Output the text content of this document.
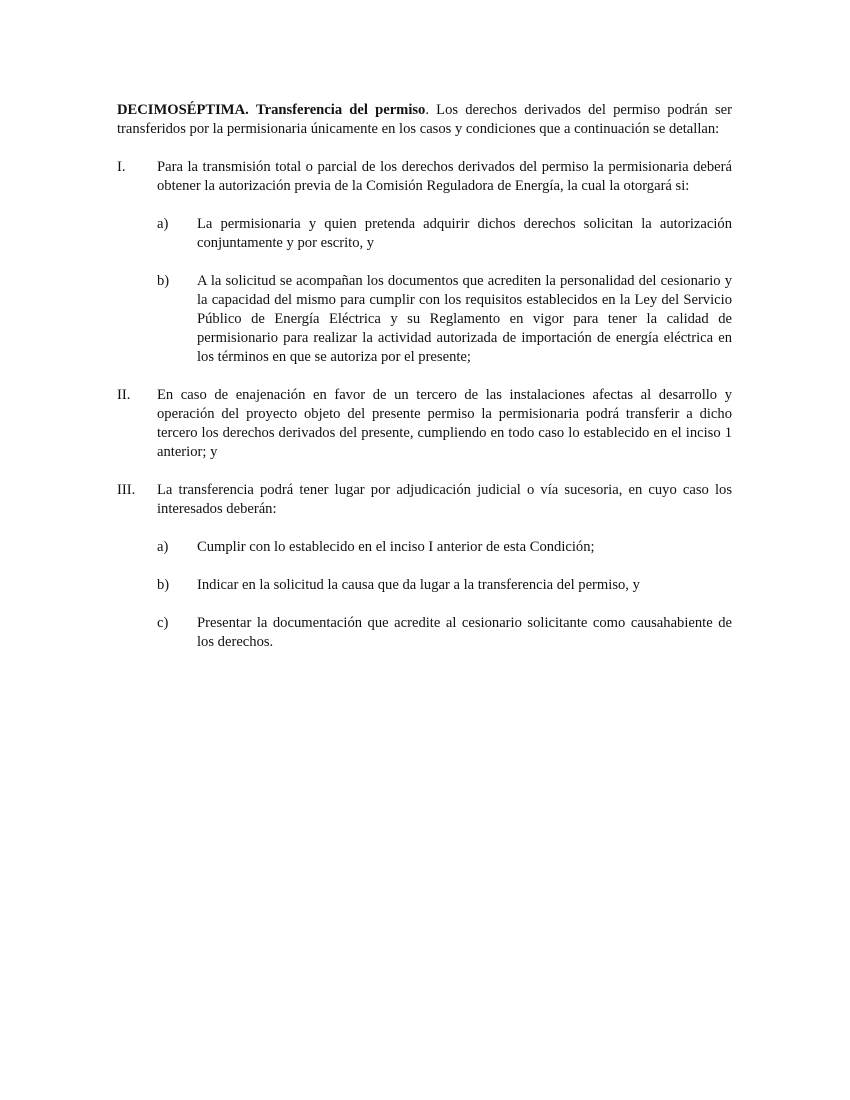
DECIMOSÉPTIMA. Transferencia del permiso. Los derechos derivados del permiso podrán ser transferidos por la permisionaria únicamente en los casos y condiciones que a continuación se detallan:

I. Para la transmisión total o parcial de los derechos derivados del permiso la permisionaria deberá obtener la autorización previa de la Comisión Reguladora de Energía, la cual la otorgará si:
a) La permisionaria y quien pretenda adquirir dichos derechos solicitan la autorización conjuntamente y por escrito, y
b) A la solicitud se acompañan los documentos que acrediten la personalidad del cesionario y la capacidad del mismo para cumplir con los requisitos establecidos en la Ley del Servicio Público de Energía Eléctrica y su Reglamento en vigor para tener la calidad de permisionario para realizar la actividad autorizada de importación de energía eléctrica en los términos en que se autoriza por el presente;
II. En caso de enajenación en favor de un tercero de las instalaciones afectas al desarrollo y operación del proyecto objeto del presente permiso la permisionaria podrá transferir a dicho tercero los derechos derivados del presente, cumpliendo en todo caso lo establecido en el inciso 1 anterior; y
III. La transferencia podrá tener lugar por adjudicación judicial o vía sucesoria, en cuyo caso los interesados deberán:
a) Cumplir con lo establecido en el inciso I anterior de esta Condición;
b) Indicar en la solicitud la causa que da lugar a la transferencia del permiso, y
c) Presentar la documentación que acredite al cesionario solicitante como causahabiente de los derechos.
